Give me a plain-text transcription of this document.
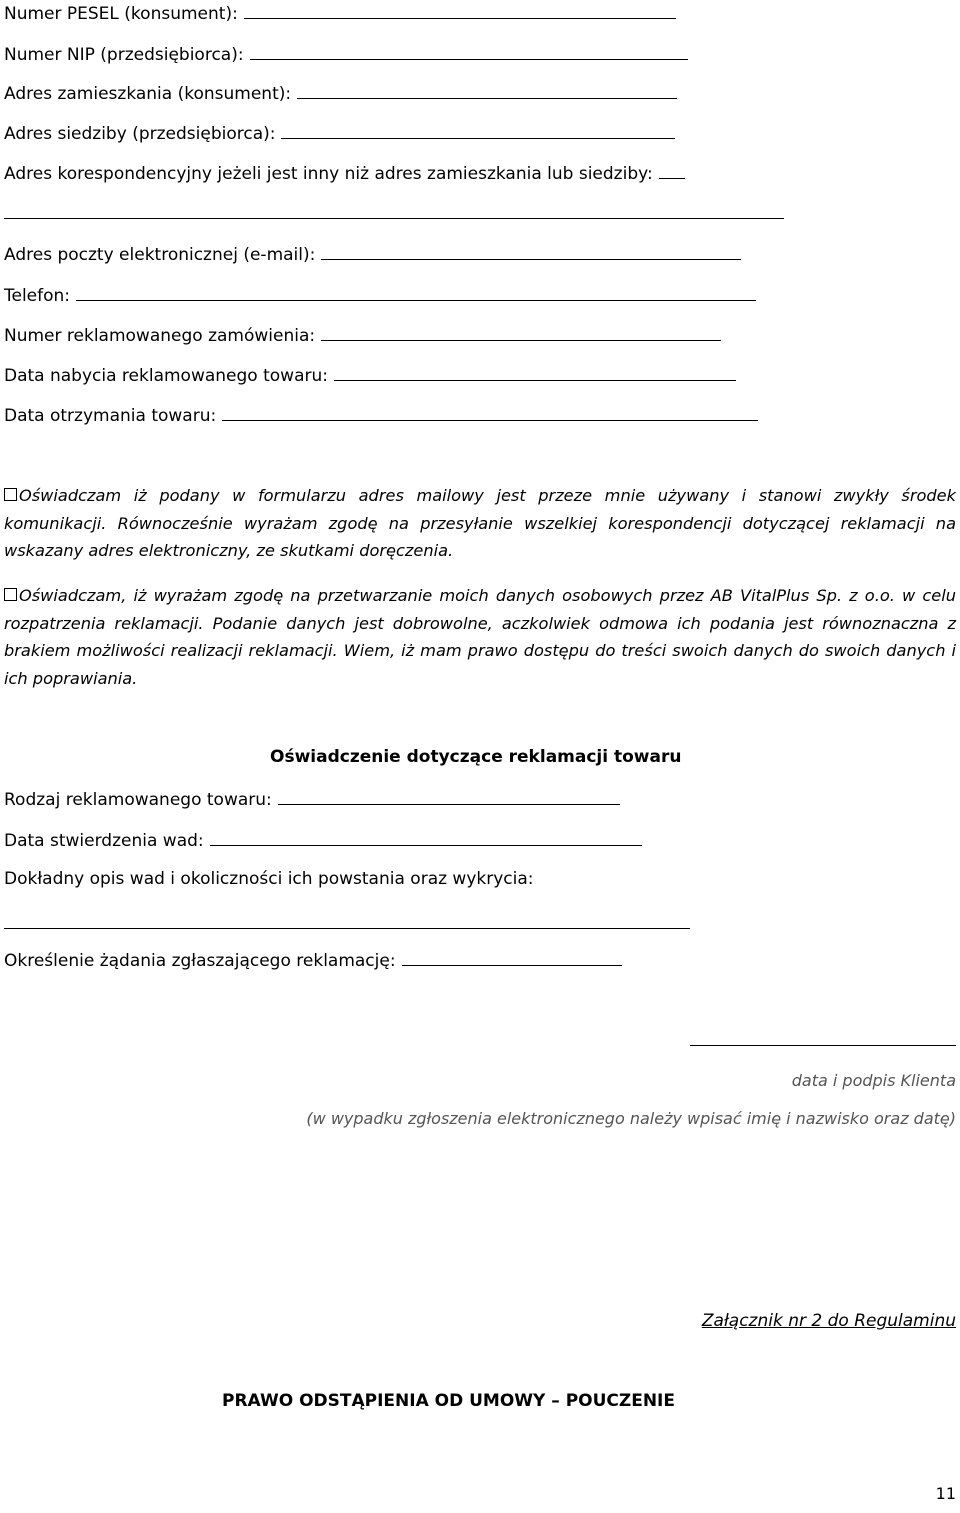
Numer PESEL (konsument):
Numer NIP (przedsiębiorca):
Adres zamieszkania (konsument):
Adres siedziby (przedsiębiorca):
Adres korespondencyjny jeżeli jest inny niż adres zamieszkania lub siedziby:
Adres poczty elektronicznej (e-mail):
Telefon:
Numer reklamowanego zamówienia:
Data nabycia reklamowanego towaru:
Data otrzymania towaru:
Oświadczam iż podany w formularzu adres mailowy jest przeze mnie używany i stanowi zwykły środek komunikacji. Równocześnie wyrażam zgodę na przesyłanie wszelkiej korespondencji dotyczącej reklamacji na wskazany adres elektroniczny, ze skutkami doręczenia.
Oświadczam, iż wyrażam zgodę na przetwarzanie moich danych osobowych przez AB VitalPlus Sp. z o.o. w celu rozpatrzenia reklamacji. Podanie danych jest dobrowolne, aczkolwiek odmowa ich podania jest równoznaczna z brakiem możliwości realizacji reklamacji. Wiem, iż mam prawo dostępu do treści swoich danych do swoich danych i ich poprawiania.
Oświadczenie dotyczące reklamacji towaru
Rodzaj reklamowanego towaru:
Data stwierdzenia wad:
Dokładny opis wad i okoliczności ich powstania oraz wykrycia:
Określenie żądania zgłaszającego reklamację:
data i podpis Klienta
(w wypadku zgłoszenia elektronicznego należy wpisać imię i nazwisko oraz datę)
Załącznik nr 2 do Regulaminu
PRAWO ODSTĄPIENIA OD UMOWY – POUCZENIE
11
